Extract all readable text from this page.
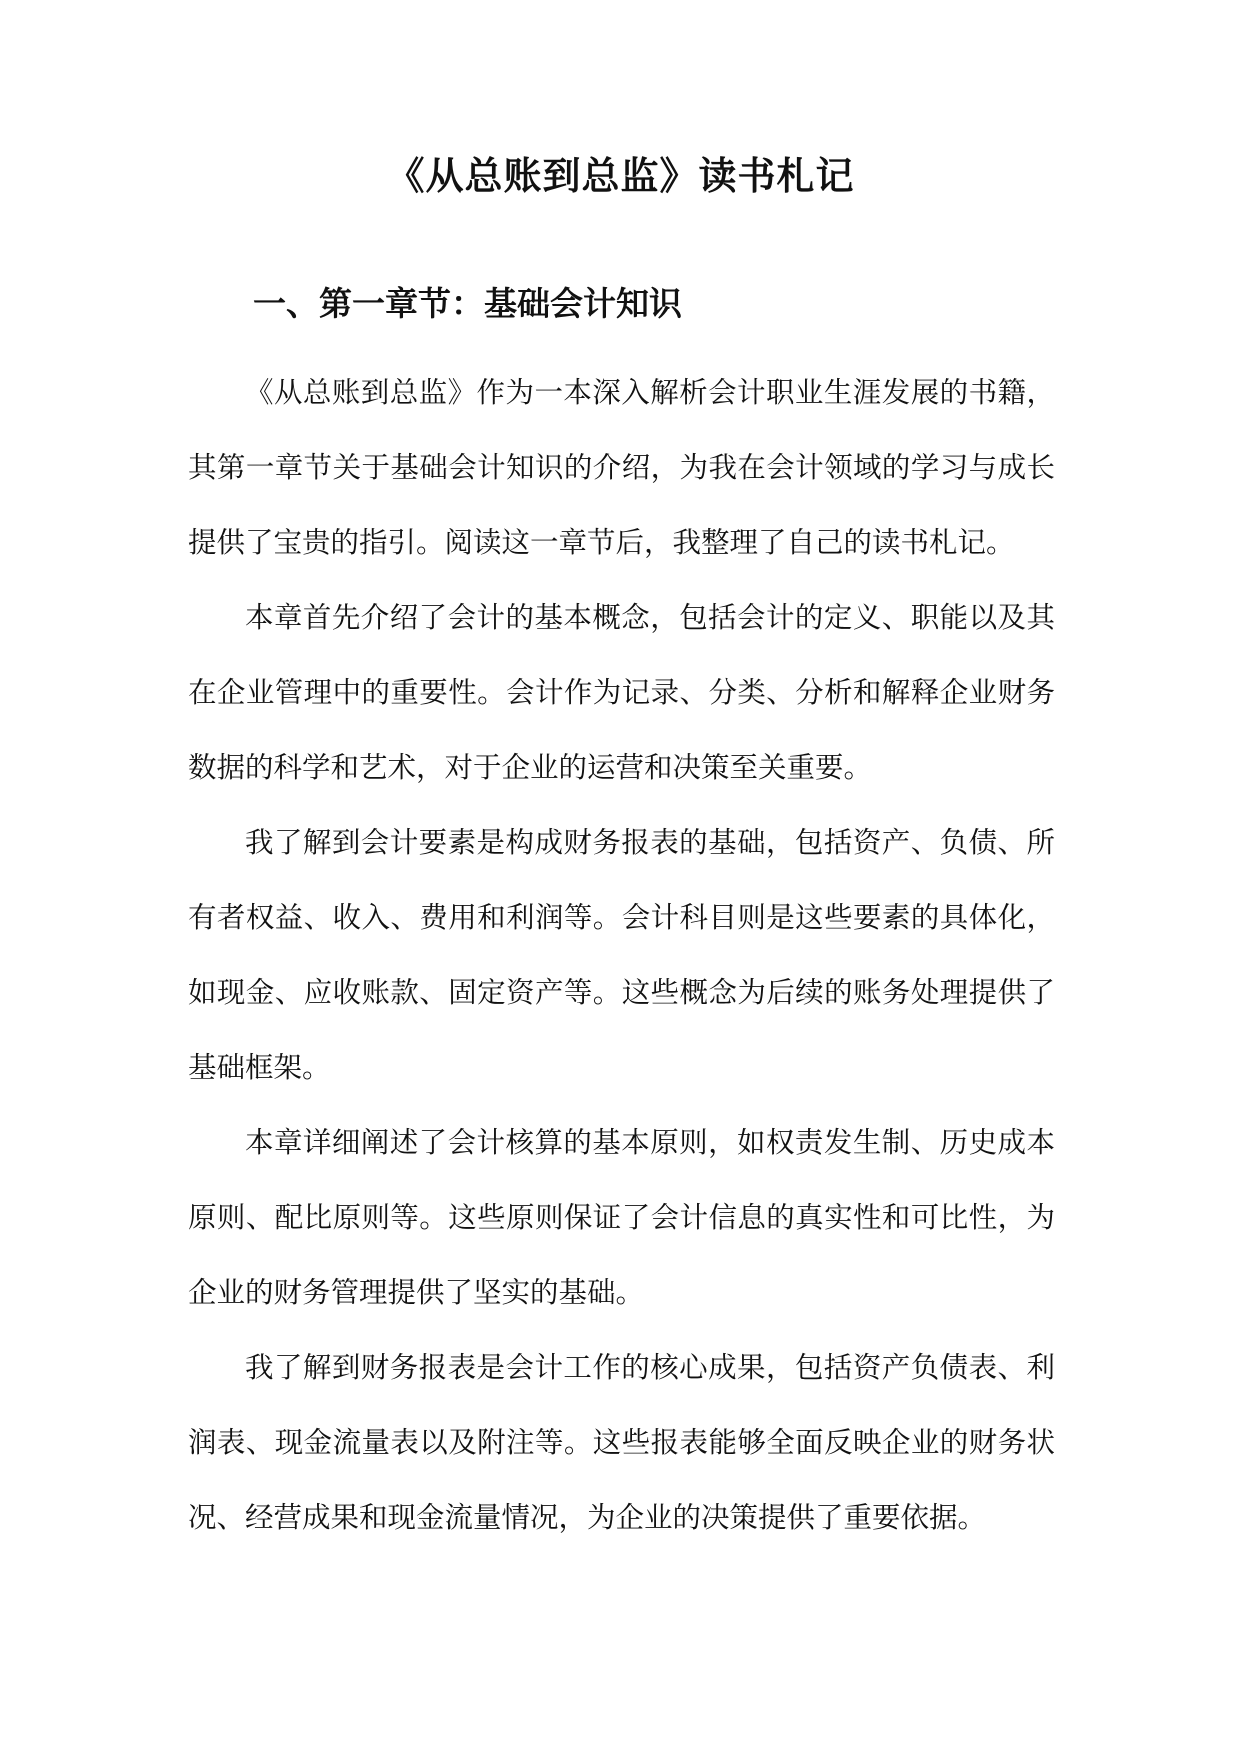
《从总账到总监》读书札记
一、第一章节：基础会计知识

《从总账到总监》作为一本深入解析会计职业生涯发展的书籍，其第一章节关于基础会计知识的介绍，为我在会计领域的学习与成长提供了宝贵的指引。阅读这一章节后，我整理了自己的读书札记。

本章首先介绍了会计的基本概念，包括会计的定义、职能以及其在企业管理中的重要性。会计作为记录、分类、分析和解释企业财务数据的科学和艺术，对于企业的运营和决策至关重要。

我了解到会计要素是构成财务报表的基础，包括资产、负债、所有者权益、收入、费用和利润等。会计科目则是这些要素的具体化，如现金、应收账款、固定资产等。这些概念为后续的账务处理提供了基础框架。

本章详细阐述了会计核算的基本原则，如权责发生制、历史成本原则、配比原则等。这些原则保证了会计信息的真实性和可比性，为企业的财务管理提供了坚实的基础。

我了解到财务报表是会计工作的核心成果，包括资产负债表、利润表、现金流量表以及附注等。这些报表能够全面反映企业的财务状况、经营成果和现金流量情况，为企业的决策提供了重要依据。
